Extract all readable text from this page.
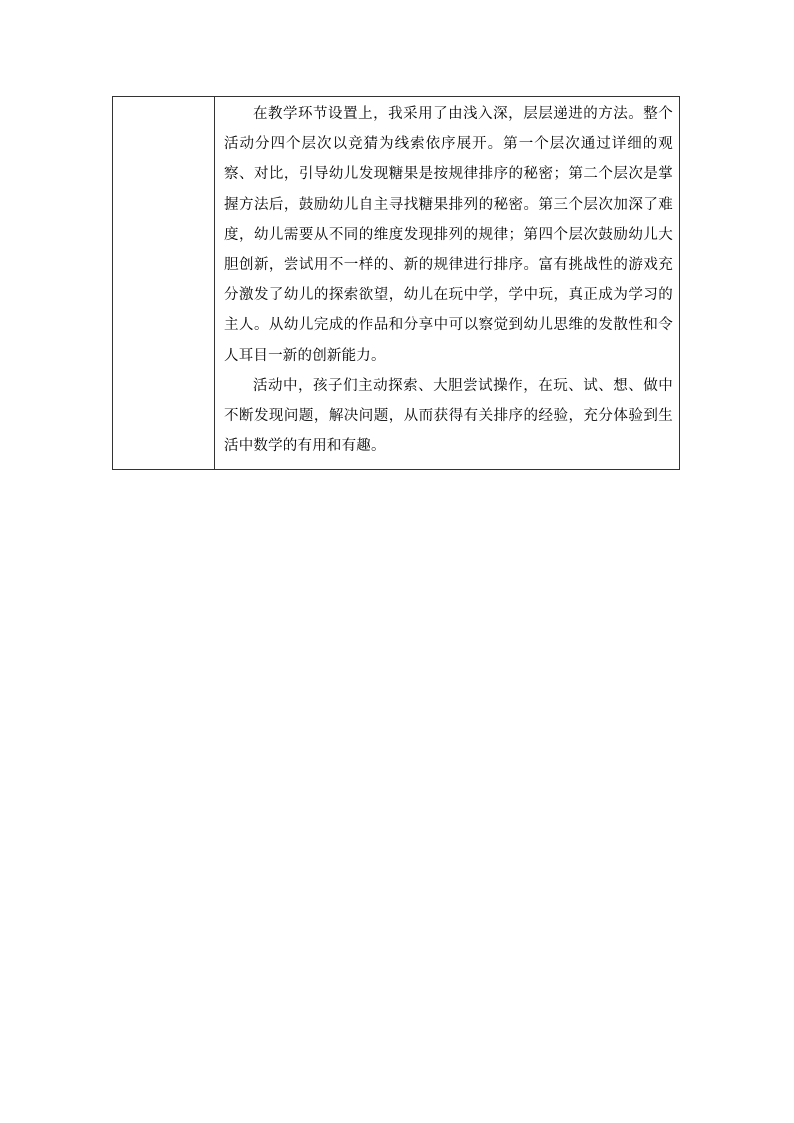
在教学环节设置上，我采用了由浅入深，层层递进的方法。整个活动分四个层次以竞猜为线索依序展开。第一个层次通过详细的观察、对比，引导幼儿发现糖果是按规律排序的秘密；第二个层次是掌握方法后，鼓励幼儿自主寻找糖果排列的秘密。第三个层次加深了难度，幼儿需要从不同的维度发现排列的规律；第四个层次鼓励幼儿大胆创新，尝试用不一样的、新的规律进行排序。富有挑战性的游戏充分激发了幼儿的探索欲望，幼儿在玩中学，学中玩，真正成为学习的主人。从幼儿完成的作品和分享中可以察觉到幼儿思维的发散性和令人耳目一新的创新能力。

活动中，孩子们主动探索、大胆尝试操作，在玩、试、想、做中不断发现问题，解决问题，从而获得有关排序的经验，充分体验到生活中数学的有用和有趣。
